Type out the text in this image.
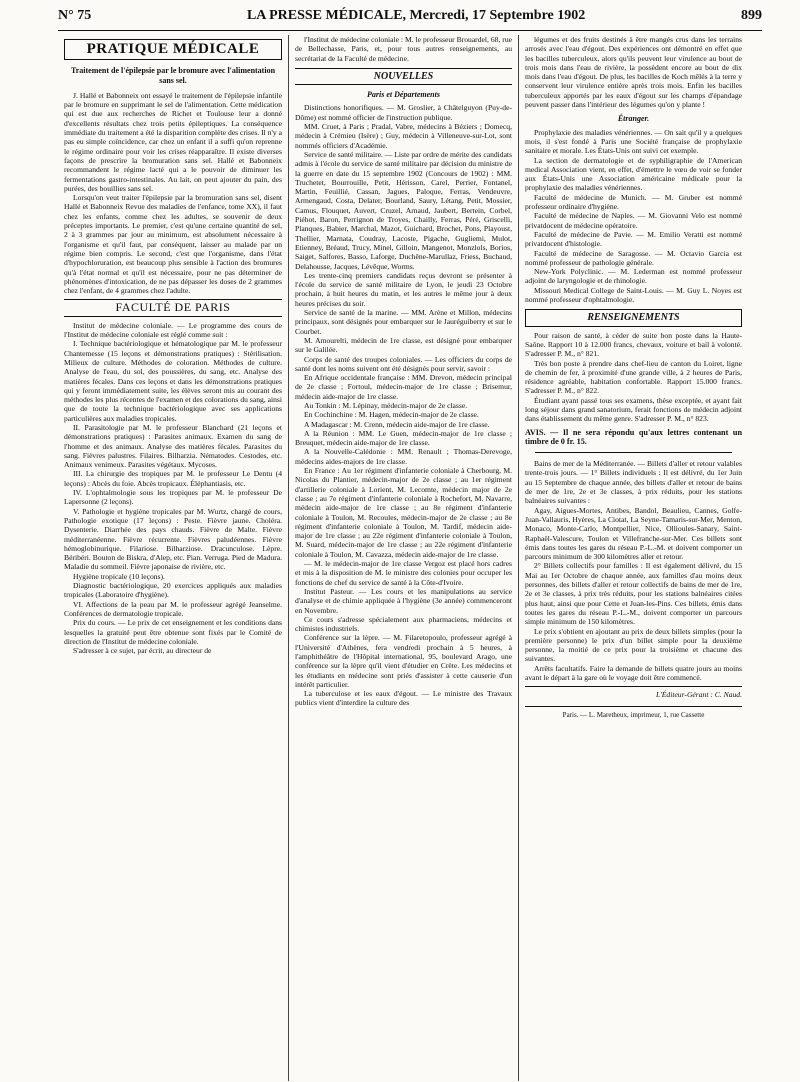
N° 75	LA PRESSE MÉDICALE, Mercredi, 17 Septembre 1902	899
PRATIQUE MÉDICALE
Traitement de l'épilepsie par le bromure avec l'alimentation sans sel.

J. Hallé et Babonneix ont essayé le traitement de l'épilepsie infantile par le bromure en supprimant le sel de l'alimentation. Cette médication qui est due aux recherches de Richet et Toulouse leur a donné d'excellents résultats chez trois petits épileptiques. La conséquence immédiate du traitement a été la disparition complète des crises. Il n'y a pas eu simple coïncidence, car chez un enfant il a suffi qu'on reprenne le régime ordinaire pour voir les crises réapparaître. Il existe diverses façons de prescrire la bromuration sans sel. Hallé et Babonneix recommandent le régime lacté qui a le pouvoir de diminuer les fermentations gastro-intestinales. Au lait, on peut ajouter du pain, des purées, des bouillies sans sel.

Lorsqu'on veut traiter l'épilepsie par la bromuration sans sel, disent Hallé et Babonneix Revue des maladies de l'enfance, tome XX), il faut chez les enfants, comme chez les adultes, se souvenir de deux préceptes importants. Le premier, c'est qu'une certaine quantité de sel, 2 à 3 grammes par jour au minimum, est absolument nécessaire à l'organisme et qu'il faut, par conséquent, laisser au malade par un régime bien compris. Le second, c'est que l'organisme, dans l'état d'hypochloruration, est beaucoup plus sensible à l'action des bromures qu'à l'état normal et qu'il est nécessaire, pour ne pas déterminer de phénomènes d'intoxication, de ne pas dépasser les doses de 2 grammes chez l'enfant, de 4 grammes chez l'adulte.

FACULTÉ DE PARIS

Institut de médecine coloniale. — Le programme des cours de l'Institut de médecine coloniale est réglé comme suit :

I. Technique bactériologique et hématologique par M. le professeur Chantemesse (15 leçons et démonstrations pratiques) : Stérilisation. Milieux de culture. Méthodes de coloration. Méthodes de culture. Analyse de l'eau, du sol, des poussières, du sang, etc. Analyse des matières fécales. Dans ces leçons et dans les démonstrations pratiques qui y feront immédiatement suite, les élèves seront mis au courant des méthodes les plus récentes de l'examen et des colorations du sang, ainsi que de toute la technique bactériologique avec ses applications particulières aux maladies tropicales.

II. Parasitologie par M. le professeur Blanchard (21 leçons et démonstrations pratiques) : Parasites animaux. Examen du sang de l'homme et des animaux. Analyse des matières fécales. Parasites du sang. Fièvres palustres. Filaires. Bilharzia. Nématodes. Cestodes, etc. Animaux venimeux. Parasites végétaux. Mycoses.

III. La chirurgie des tropiques par M. le professeur Le Dentu (4 leçons) : Abcès du foie. Abcès tropicaux. Éléphantiasis, etc.

IV. L'ophtalmologie sous les tropiques par M. le professeur De Lapersonne (2 leçons).

V. Pathologie et hygiène tropicales par M. Wurtz, chargé de cours, Pathologie exotique (17 leçons) : Peste. Fièvre jaune. Choléra. Dysenterie. Diarrhée des pays chauds. Fièvre de Malte. Fièvre méditerranéenne. Fièvre récurrente. Fièvres paludéennes. Fièvre hémoglobinurique. Filariose. Bilharziose. Dracunculose. Lèpre. Béribéri. Bouton de Biskra, d'Alep, etc. Pian. Verruga. Pied de Madura. Maladie du sommeil. Fièvre japonaise de rivière, etc.

Hygiène tropicale (10 leçons).

Diagnostic bactériologique, 20 exercices appliqués aux maladies tropicales (Laboratoire d'hygiène).

VI. Affections de la peau par M. le professeur agrégé Jeanselme. Conférences de dermatologie tropicale.

Prix du cours. — Le prix de cet enseignement et les conditions dans lesquelles la gratuité peut être obtenue sont fixés par le Comité de direction de l'Institut de médecine coloniale.

S'adresser à ce sujet, par écrit, au directeur de

l'Institut de médecine coloniale : M. le professeur Brouardel, 68, rue de Bellechasse, Paris, et, pour tous autres renseignements, au secrétariat de la Faculté de médecine.

NOUVELLES
Paris et Départements

Distinctions honorifiques. — M. Groslier, à Châtelguyon (Puy-de-Dôme) est nommé officier de l'instruction publique.

MM. Cruet, à Paris ; Pradal, Vabre, médecins à Béziers ; Domecq, médecin à Crémieu (Isère) ; Guy, médecin à Villeneuve-sur-Lot, sont nommés officiers d'Académie.

Service de santé militaire. — Liste par ordre de mérite des candidats admis à l'école du service de santé militaire par décision du ministre de la guerre en date du 15 septembre 1902 (Concours de 1902) : MM. Truchetet, Bourrouille, Petit, Hérisson, Carel, Perrier, Fontanel, Martin, Feuillié, Cassan, Jagues, Paloque, Ferras, Vendeuvre, Armengaud, Costa, Delater, Bourland, Saury, Létang, Petit, Mossier, Camus, Flouquet, Auvert, Cruzel, Arnaud, Jaubert, Bertein, Corbel, Piéhot, Baron, Perrignon de Troyes, Chailly, Ferras, Péré, Griscelli, Planques, Babier, Marchal, Mazot, Guichard, Brochet, Pons, Playoust, Thellier, Marnata, Coudray, Lacoste, Pigache, Gugliemi, Mulot, Etienney, Bréaud, Trucy, Minel, Gilloin, Mangenot, Monzlols, Borios, Saiget, Salfores, Basso, Laforge, Duchêne-Marullaz, Friess, Buchaud, Delahousse, Jacques, Lévêque, Worms.

Les trente-cinq premiers candidats reçus devront se présenter à l'école du service de santé militaire de Lyon, le jeudi 23 Octobre prochain, à huit heures du matin, et les autres le même jour à deux heures précises du soir.

Service de santé de la marine. — MM. Arène et Millon, médecins principaux, sont désignés pour embarquer sur le Jauréguiberry et sur le Courbet.

M. Amourelti, médecin de 1re classe, est désigné pour embarquer sur le Galilée.

Corps de santé des troupes coloniales. — Les officiers du corps de santé dont les noms suivent ont été désignés pour servir, savoir :

En Afrique occidentale française : MM. Drevon, médecin principal de 2e classe ; Fortoul, médecin-major de 1re classe ; Brisemur, médecin aide-major de 1re classe.

Au Tonkin : M. Lépinay, médecin-major de 2e classe.

En Cochinchine : M. Hagen, médecin-major de 2e classe.

A Madagascar : M. Crenn, médecin aide-major de 1re classe.

A la Réunion : MM. Le Guen, médecin-major de 1re classe ; Breuquet, médecin aide-major de 1re classe.

A la Nouvelle-Calédonie : MM. Renault ; Thomas-Derevoge, médecins aides-majors de 1re classe.

En France : Au 1er régiment d'infanterie coloniale à Cherbourg, M. Nicolas du Plantier, médecin-major de 2e classe ; au 1er régiment d'artillerie coloniale à Lorient, M. Lecomte, médecin major de 2e classe ; au 7e régiment d'infanterie coloniale à Rochefort, M. Navarre, médecin aide-major de 1re classe ; au 8e régiment d'infanterie coloniale à Toulon, M. Recoules, médecin-major de 2e classe ; au 8e régiment d'infanterie coloniale à Toulon, M. Tardif, médecin aide-major de 1re classe ; au 22e régiment d'infanterie coloniale à Toulon, M. Suard, médecin-major de 1re classe ; au 22e régiment d'infanterie coloniale à Toulon, M. Cavazza, médecin aide-major de 1re classe.

— M. le médecin-major de 1re classe Vergoz est placé hors cadres et mis à la disposition de M. le ministre des colonies pour occuper les fonctions de chef du service de santé à la Côte-d'Ivoire.

Institut Pasteur. — Les cours et les manipulations au service d'analyse et de chimie appliquée à l'hygiène (3e année) commenceront en Novembre.

Ce cours s'adresse spécialement aux pharmaciens, médecins et chimistes industriels.

Conférence sur la lèpre. — M. Filaretopoulo, professeur agrégé à l'Université d'Athènes, fera vendredi prochain à 5 heures, à l'amphithéâtre de l'Hôpital international, 95, boulevard Arago, une conférence sur la lèpre qu'il vient d'étudier en Crète. Les médecins et les étudiants en médecine sont priés d'assister à cette causerie d'un intérêt particulier.

La tuberculose et les eaux d'égout. — Le ministre des Travaux publics vient d'interdire la culture des

légumes et des fruits destinés à être mangés crus dans les terrains arrosés avec l'eau d'égout. Des expériences ont démontré en effet que les bacilles tuberculeux, alors qu'ils peuvent leur virulence au bout de trois mois dans l'eau de rivière, la possèdent encore au bout de dix mois dans l'eau d'égout. De plus, les bacilles de Koch mêlés à la terre y conservent leur virulence entière après trois mois. Enfin les bacilles tuberculeux apportés par les eaux d'égout sur les champs d'épandage peuvent passer dans l'intérieur des légumes qu'on y plante !

Étranger.

Prophylaxie des maladies vénériennes. — On sait qu'il y a quelques mois, il s'est fondé à Paris une Société française de prophylaxie sanitaire et morale. Les États-Unis ont suivi cet exemple.

La section de dermatologie et de syphiligraphie de l'American medical Association vient, en effet, d'émettre le vœu de voir se fonder aux États-Unis une Association américaine médicale pour la prophylaxie des maladies vénériennes.

Faculté de médecine de Munich. — M. Gruber est nommé professeur ordinaire d'hygiène.

Faculté de médecine de Naples. — M. Giovanni Velo est nommé privatdocent de médecine opératoire.

Faculté de médecine de Pavie. — M. Emilio Veratti est nommé privatdocent d'histologie.

Faculté de médecine de Saragosse. — M. Octavio Garcia est nommé professeur de pathologie générale.

New-York Polyclinic. — M. Lederman est nommé professeur adjoint de laryngologie et de rhinologie.

Missouri Medical College de Saint-Louis. — M. Guy L. Noyes est nommé professeur d'ophtalmologie.

RENSEIGNEMENTS

Pour raison de santé, à céder de suite bon poste dans la Haute-Saône. Rapport 10 à 12.000 francs, chevaux, voiture et bail à volonté. S'adresser P. M., n° 821.

Très bon poste à prendre dans chef-lieu de canton du Loiret, ligne de chemin de fer, à proximité d'une grande ville, à 2 heures de Paris, résidence agréable, habitation confortable. Rapport 15.000 francs. S'adresser P. M., n° 822.

Étudiant ayant passé tous ses examens, thèse exceptée, et ayant fait long séjour dans grand sanatorium, ferait fonctions de médecin adjoint dans établissement du même genre. S'adresser P. M., n° 823.

AVIS. — Il ne sera répondu qu'aux lettres contenant un timbre de 0 fr. 15.

Bains de mer de la Méditerranée. — Billets d'aller et retour valables trente-trois jours. — 1° Billets individuels : Il est délivré, du 1er Juin au 15 Septembre de chaque année, des billets d'aller et retour de bains de mer de 1re, 2e et 3e classes, à prix réduits, pour les stations balnéaires suivantes :

Agay, Aigues-Mortes, Antibes, Bandol, Beaulieu, Cannes, Golfe-Juan-Vallauris, Hyères, La Ciotat, La Seyne-Tamaris-sur-Mer, Menton, Monaco, Monte-Carlo, Montpellier, Nice, Ollioules-Sanary, Saint-Raphaël-Valescure, Toulon et Villefranche-sur-Mer. Ces billets sont émis dans toutes les gares du réseau P.-L.-M. et doivent comporter un parcours minimum de 300 kilomètres aller et retour.

2° Billets collectifs pour familles : Il est également délivré, du 15 Mai au 1er Octobre de chaque année, aux familles d'au moins deux personnes, des billets d'aller et retour collectifs de bains de mer de 1re, 2e et 3e classes, à prix très réduits, pour les stations balnéaires citées plus haut, ainsi que pour Cette et Juan-les-Pins. Ces billets, émis dans toutes les gares du réseau P.-L.-M., doivent comporter un parcours simple minimum de 150 kilomètres.

Le prix s'obtient en ajoutant au prix de deux billets simples (pour la première personne) le prix d'un billet simple pour la deuxième personne, la moitié de ce prix pour la troisième et chacune des suivantes.

Arrêts facultatifs. Faire la demande de billets quatre jours au moins avant le départ à la gare où le voyage doit être commencé.

L'Éditeur-Gérant : C. Naud.
Paris. — L. Maretheux, imprimeur, 1, rue Cassette
